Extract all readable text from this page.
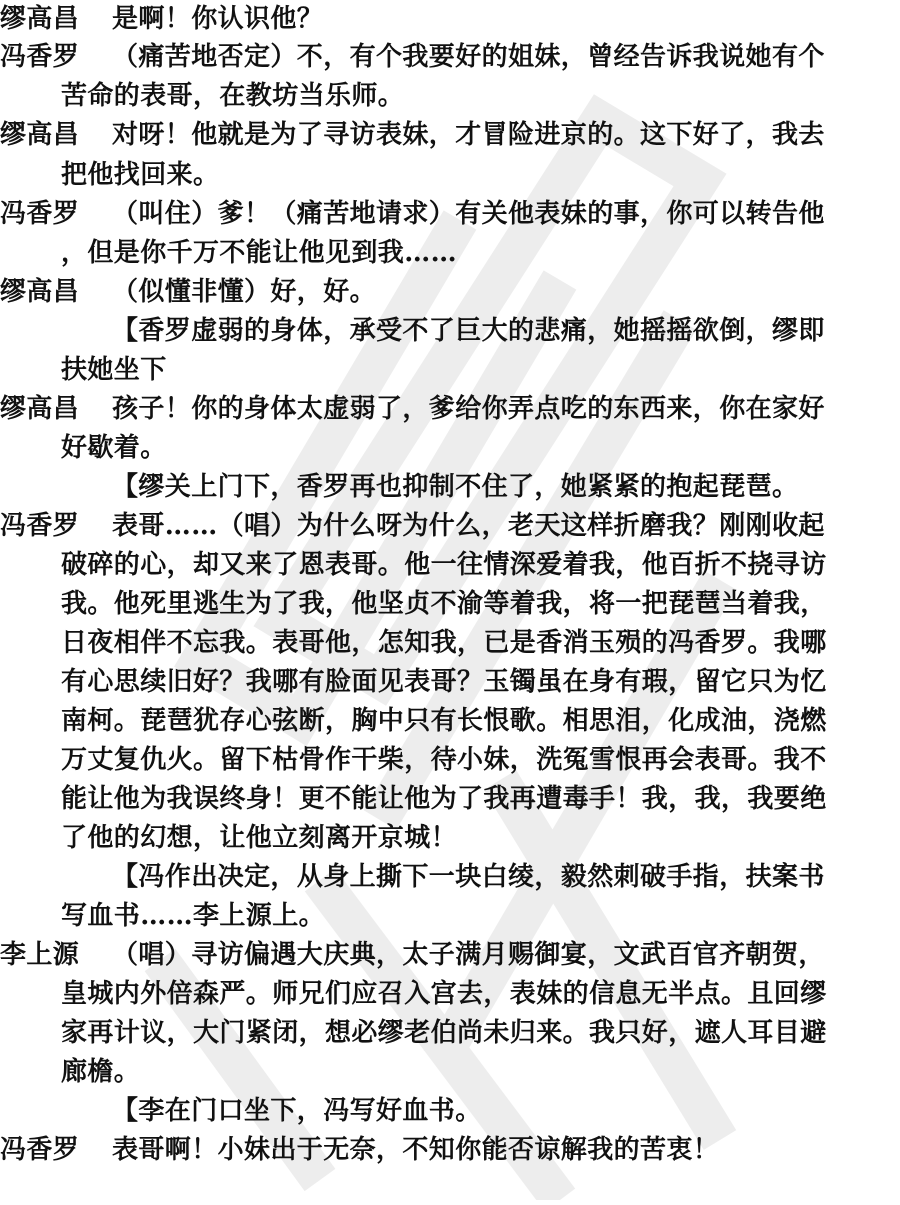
缪高昌 是啊！你认识他？
冯香罗 （痛苦地否定）不，有个我要好的姐妹，曾经告诉我说她有个
苦命的表哥，在教坊当乐师。
缪高昌 对呀！他就是为了寻访表妹，才冒险进京的。这下好了，我去
把他找回来。
冯香罗 （叫住）爹！（痛苦地请求）有关他表妹的事，你可以转告他
，但是你千万不能让他见到我……
缪高昌 （似懂非懂）好，好。
【香罗虚弱的身体，承受不了巨大的悲痛，她摇摇欲倒，缪即
扶她坐下
缪高昌 孩子！你的身体太虚弱了，爹给你弄点吃的东西来，你在家好
好歇着。
【缪关上门下，香罗再也抑制不住了，她紧紧的抱起琵琶。
冯香罗 表哥……（唱）为什么呀为什么，老天这样折磨我？刚刚收起
破碎的心，却又来了恩表哥。他一往情深爱着我，他百折不挠寻访
我。他死里逃生为了我，他坚贞不渝等着我，将一把琵琶当着我，
日夜相伴不忘我。表哥他，怎知我，已是香消玉殒的冯香罗。我哪
有心思续旧好？我哪有脸面见表哥？玉镯虽在身有瑕，留它只为忆
南柯。琵琶犹存心弦断，胸中只有长恨歌。相思泪，化成油，浇燃
万丈复仇火。留下枯骨作干柴，待小妹，洗冤雪恨再会表哥。我不
能让他为我误终身！更不能让他为了我再遭毒手！我，我，我要绝
了他的幻想，让他立刻离开京城！
【冯作出决定，从身上撕下一块白绫，毅然刺破手指，扶案书
写血书……李上源上。
李上源 （唱）寻访偏遇大庆典，太子满月赐御宴，文武百官齐朝贺，
皇城内外倍森严。师兄们应召入宫去，表妹的信息无半点。且回缪
家再计议，大门紧闭，想必缪老伯尚未归来。我只好，遮人耳目避
廊檐。
【李在门口坐下，冯写好血书。
冯香罗 表哥啊！小妹出于无奈，不知你能否谅解我的苦衷！
